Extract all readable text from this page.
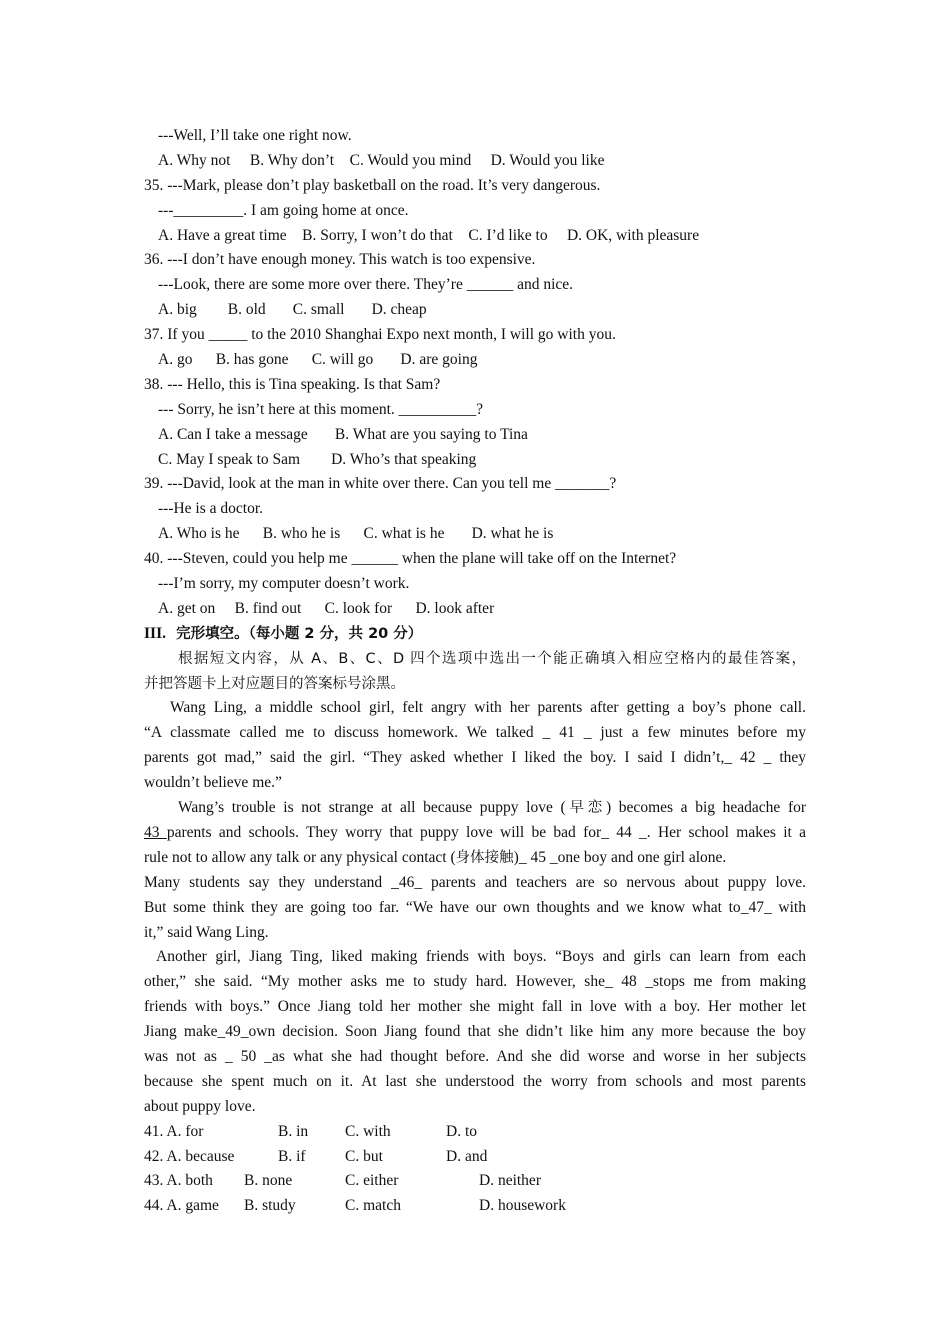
---Well, I’ll take one right now.
A. Why not     B. Why don’t    C. Would you mind     D. Would you like
35. ---Mark, please don’t play basketball on the road. It’s very dangerous.
---_________. I am going home at once.
A. Have a great time    B. Sorry, I won’t do that    C. I’d like to     D. OK, with pleasure
36. ---I don’t have enough money. This watch is too expensive.
---Look, there are some more over there. They’re ______ and nice.
A. big        B. old       C. small       D. cheap
37. If you _____ to the 2010 Shanghai Expo next month, I will go with you.
A. go      B. has gone      C. will go       D. are going
38. --- Hello, this is Tina speaking. Is that Sam?
--- Sorry, he isn’t here at this moment. __________?
A. Can I take a message       B. What are you saying to Tina
C. May I speak to Sam        D. Who’s that speaking
39. ---David, look at the man in white over there. Can you tell me _______?
---He is a doctor.
A. Who is he      B. who he is      C. what is he       D. what he is
40. ---Steven, could you help me ______ when the plane will take off on the Internet?
---I’m sorry, my computer doesn’t work.
A. get on     B. find out      C. look for      D. look after
III.  完形填空。（每小题 2 分，共 20 分）
根据短文内容，从 A、B、C、D 四个选项中选出一个能正确填入相应空格内的最佳答案，
并把答题卡上对应题目的答案标号涂黑。
Wang Ling, a middle school girl, felt angry with her parents after getting a boy’s phone call.
“A classmate called me to discuss homework. We talked _ 41 _ just a few minutes before my
parents got mad,” said the girl. “They asked whether I liked the boy. I said I didn’t,_ 42 _ they
wouldn’t believe me.”
Wang’s trouble is not strange at all because puppy love (早恋) becomes a big headache for
43 parents and schools. They worry that puppy love will be bad for_ 44 _. Her school makes it a
rule not to allow any talk or any physical contact (身体接触)_ 45 _one boy and one girl alone.
Many students say they understand _46_ parents and teachers are so nervous about puppy love.
But some think they are going too far. “We have our own thoughts and we know what to_47_ with
it,” said Wang Ling.
Another girl, Jiang Ting, liked making friends with boys. “Boys and girls can learn from each
other,” she said. “My mother asks me to study hard. However, she_ 48 _stops me from making
friends with boys.” Once Jiang told her mother she might fall in love with a boy. Her mother let
Jiang make_49_own decision. Soon Jiang found that she didn’t like him any more because the boy
was not as _ 50 _as what she had thought before. And she did worse and worse in her subjects
because she spent much on it. At last she understood the worry from schools and most parents
about puppy love.
41. A. for	B. in C. with	D. to
42. A. because	B. if	C. but	D. and
43. A. both B. none	C. either	D. neither
44. A. game B. study	C. match	D. housework
